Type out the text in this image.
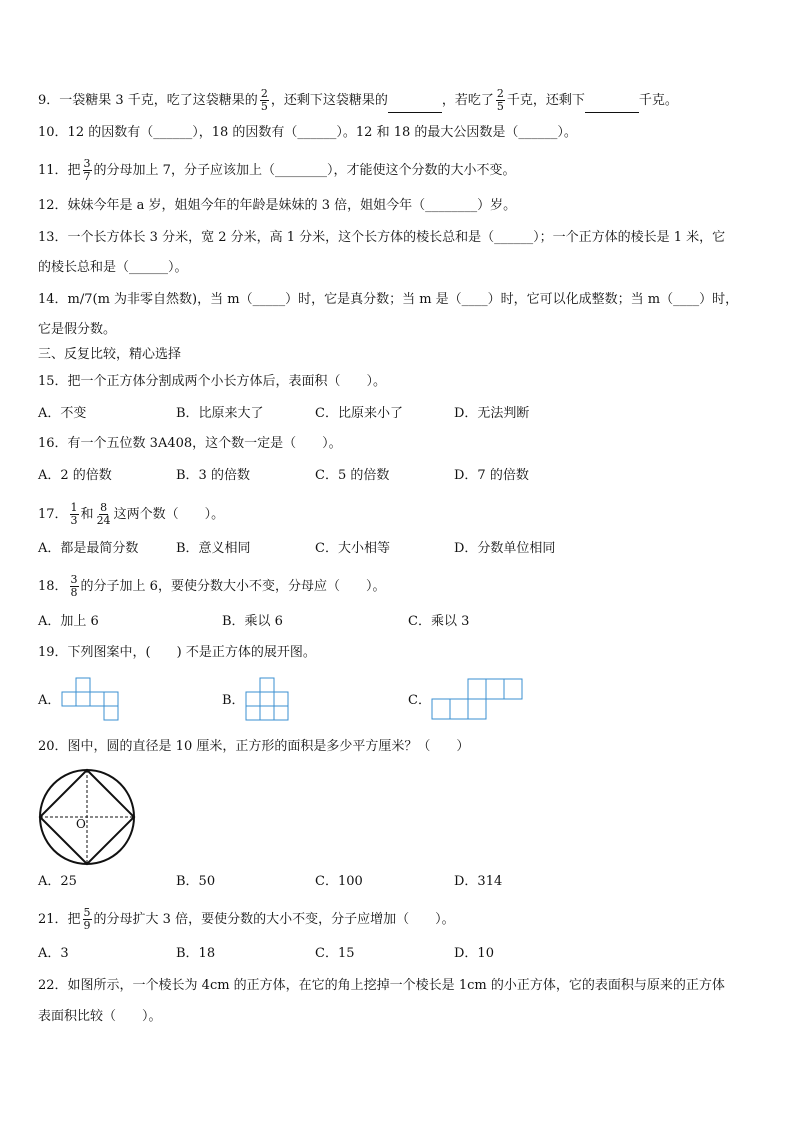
9．一袋糖果 3 千克，吃了这袋糖果的 $\frac{2}{5}$ ，还剩下这袋糖果的	，若吃了 $\frac{2}{5}$ 千克，还剩下	千克。
10．12 的因数有（______），18 的因数有（______）。12 和 18 的最大公因数是（______）。
11．把 $\frac{3}{7}$ 的分母加上 7，分子应该加上（________），才能使这个分数的大小不变。
12．妹妹今年是 a 岁，姐姐今年的年龄是妹妹的 3 倍，姐姐今年（________）岁。
13．一个长方体长 3 分米，宽 2 分米，高 1 分米，这个长方体的棱长总和是（______）；一个正方体的棱长是 1 米，它
的棱长总和是（______）。
14．m/7(m 为非零自然数)，当 m（_____）时，它是真分数；当 m 是（____）时，它可以化成整数；当 m（____）时，
它是假分数。
三、反复比较，精心选择
15．把一个正方体分割成两个小长方体后，表面积（　　）。
A．不变	B．比原来大了	C．比原来小了	D．无法判断
16．有一个五位数 3A408，这个数一定是（　　）。
A．2 的倍数	B．3 的倍数	C．5 的倍数	D．7 的倍数
17． $\frac{1}{3}$ 和 $\frac{8}{24}$ 这两个数（　　）。
A．都是最简分数	B．意义相同	C．大小相等	D．分数单位相同
18． $\frac{3}{8}$ 的分子加上 6，要使分数大小不变，分母应（　　）。
A．加上 6	B．乘以 6	C．乘以 3
19．下列图案中，(　　) 不是正方体的展开图。
A．	B．	C．
20．图中，圆的直径是 10 厘米，正方形的面积是多少平方厘米？（　　）
O
A．25	B．50	C．100	D．314
21．把 $\frac{5}{9}$ 的分母扩大 3 倍，要使分数的大小不变，分子应增加（　　）。
A．3	B．18	C．15	D．10
22．如图所示，一个棱长为 4cm 的正方体，在它的角上挖掉一个棱长是 1cm 的小正方体，它的表面积与原来的正方体
表面积比较（　　）。
